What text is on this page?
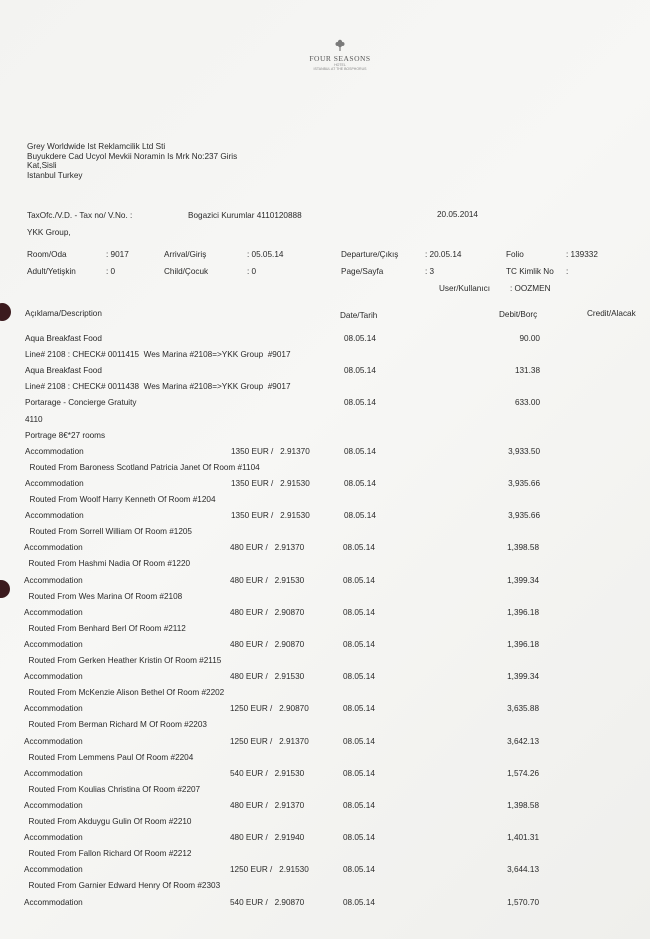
FOUR SEASONS
HOTEL
ISTANBUL AT THE BOSPHORUS
Grey Worldwide Ist Reklamcilik Ltd Sti
Buyukdere Cad Ucyol Mevkii Noramin Is Mrk No:237 Giris
Kat,Sisli
Istanbul Turkey
TaxOfc./V.D. - Tax no/ V.No. :	Bogazici Kurumlar 4110120888	20.05.2014
YKK Group,
Room/Oda	: 9017	Arrival/Giriş	: 05.05.14	Departure/Çıkış	: 20.05.14	Folio	: 139332
Adult/Yetişkin	: 0	Child/Çocuk	: 0	Page/Sayfa	: 3	TC Kimlik No :
User/Kullanıcı : OOZMEN
Açıklama/Description	Date/Tarih	Debit/Borç	Credit/Alacak
Aqua Breakfast Food	08.05.14	90.00
Line# 2108 : CHECK# 0011415  Wes Marina #2108=>YKK Group  #9017
Aqua Breakfast Food	08.05.14	131.38
Line# 2108 : CHECK# 0011438  Wes Marina #2108=>YKK Group  #9017
Portarage - Concierge Gratuity	08.05.14	633.00
4110
Portrage 8€*27 rooms
Accommodation	1350 EUR /   2.91370	08.05.14	3,933.50
Routed From Baroness Scotland Patricia Janet Of Room #1104
Accommodation	1350 EUR /   2.91530	08.05.14	3,935.66
Routed From Woolf Harry Kenneth Of Room #1204
Accommodation	1350 EUR /   2.91530	08.05.14	3,935.66
Routed From Sorrell William Of Room #1205
Accommodation	480 EUR /   2.91370	08.05.14	1,398.58
Routed From Hashmi Nadia Of Room #1220
Accommodation	480 EUR /   2.91530	08.05.14	1,399.34
Routed From Wes Marina Of Room #2108
Accommodation	480 EUR /   2.90870	08.05.14	1,396.18
Routed From Benhard Berl Of Room #2112
Accommodation	480 EUR /   2.90870	08.05.14	1,396.18
Routed From Gerken Heather Kristin Of Room #2115
Accommodation	480 EUR /   2.91530	08.05.14	1,399.34
Routed From McKenzie Alison Bethel Of Room #2202
Accommodation	1250 EUR /   2.90870	08.05.14	3,635.88
Routed From Berman Richard M Of Room #2203
Accommodation	1250 EUR /   2.91370	08.05.14	3,642.13
Routed From Lemmens Paul Of Room #2204
Accommodation	540 EUR /   2.91530	08.05.14	1,574.26
Routed From Koulias Christina Of Room #2207
Accommodation	480 EUR /   2.91370	08.05.14	1,398.58
Routed From Akduygu Gulin Of Room #2210
Accommodation	480 EUR /   2.91940	08.05.14	1,401.31
Routed From Fallon Richard Of Room #2212
Accommodation	1250 EUR /   2.91530	08.05.14	3,644.13
Routed From Garnier Edward Henry Of Room #2303
Accommodation	540 EUR /   2.90870	08.05.14	1,570.70
